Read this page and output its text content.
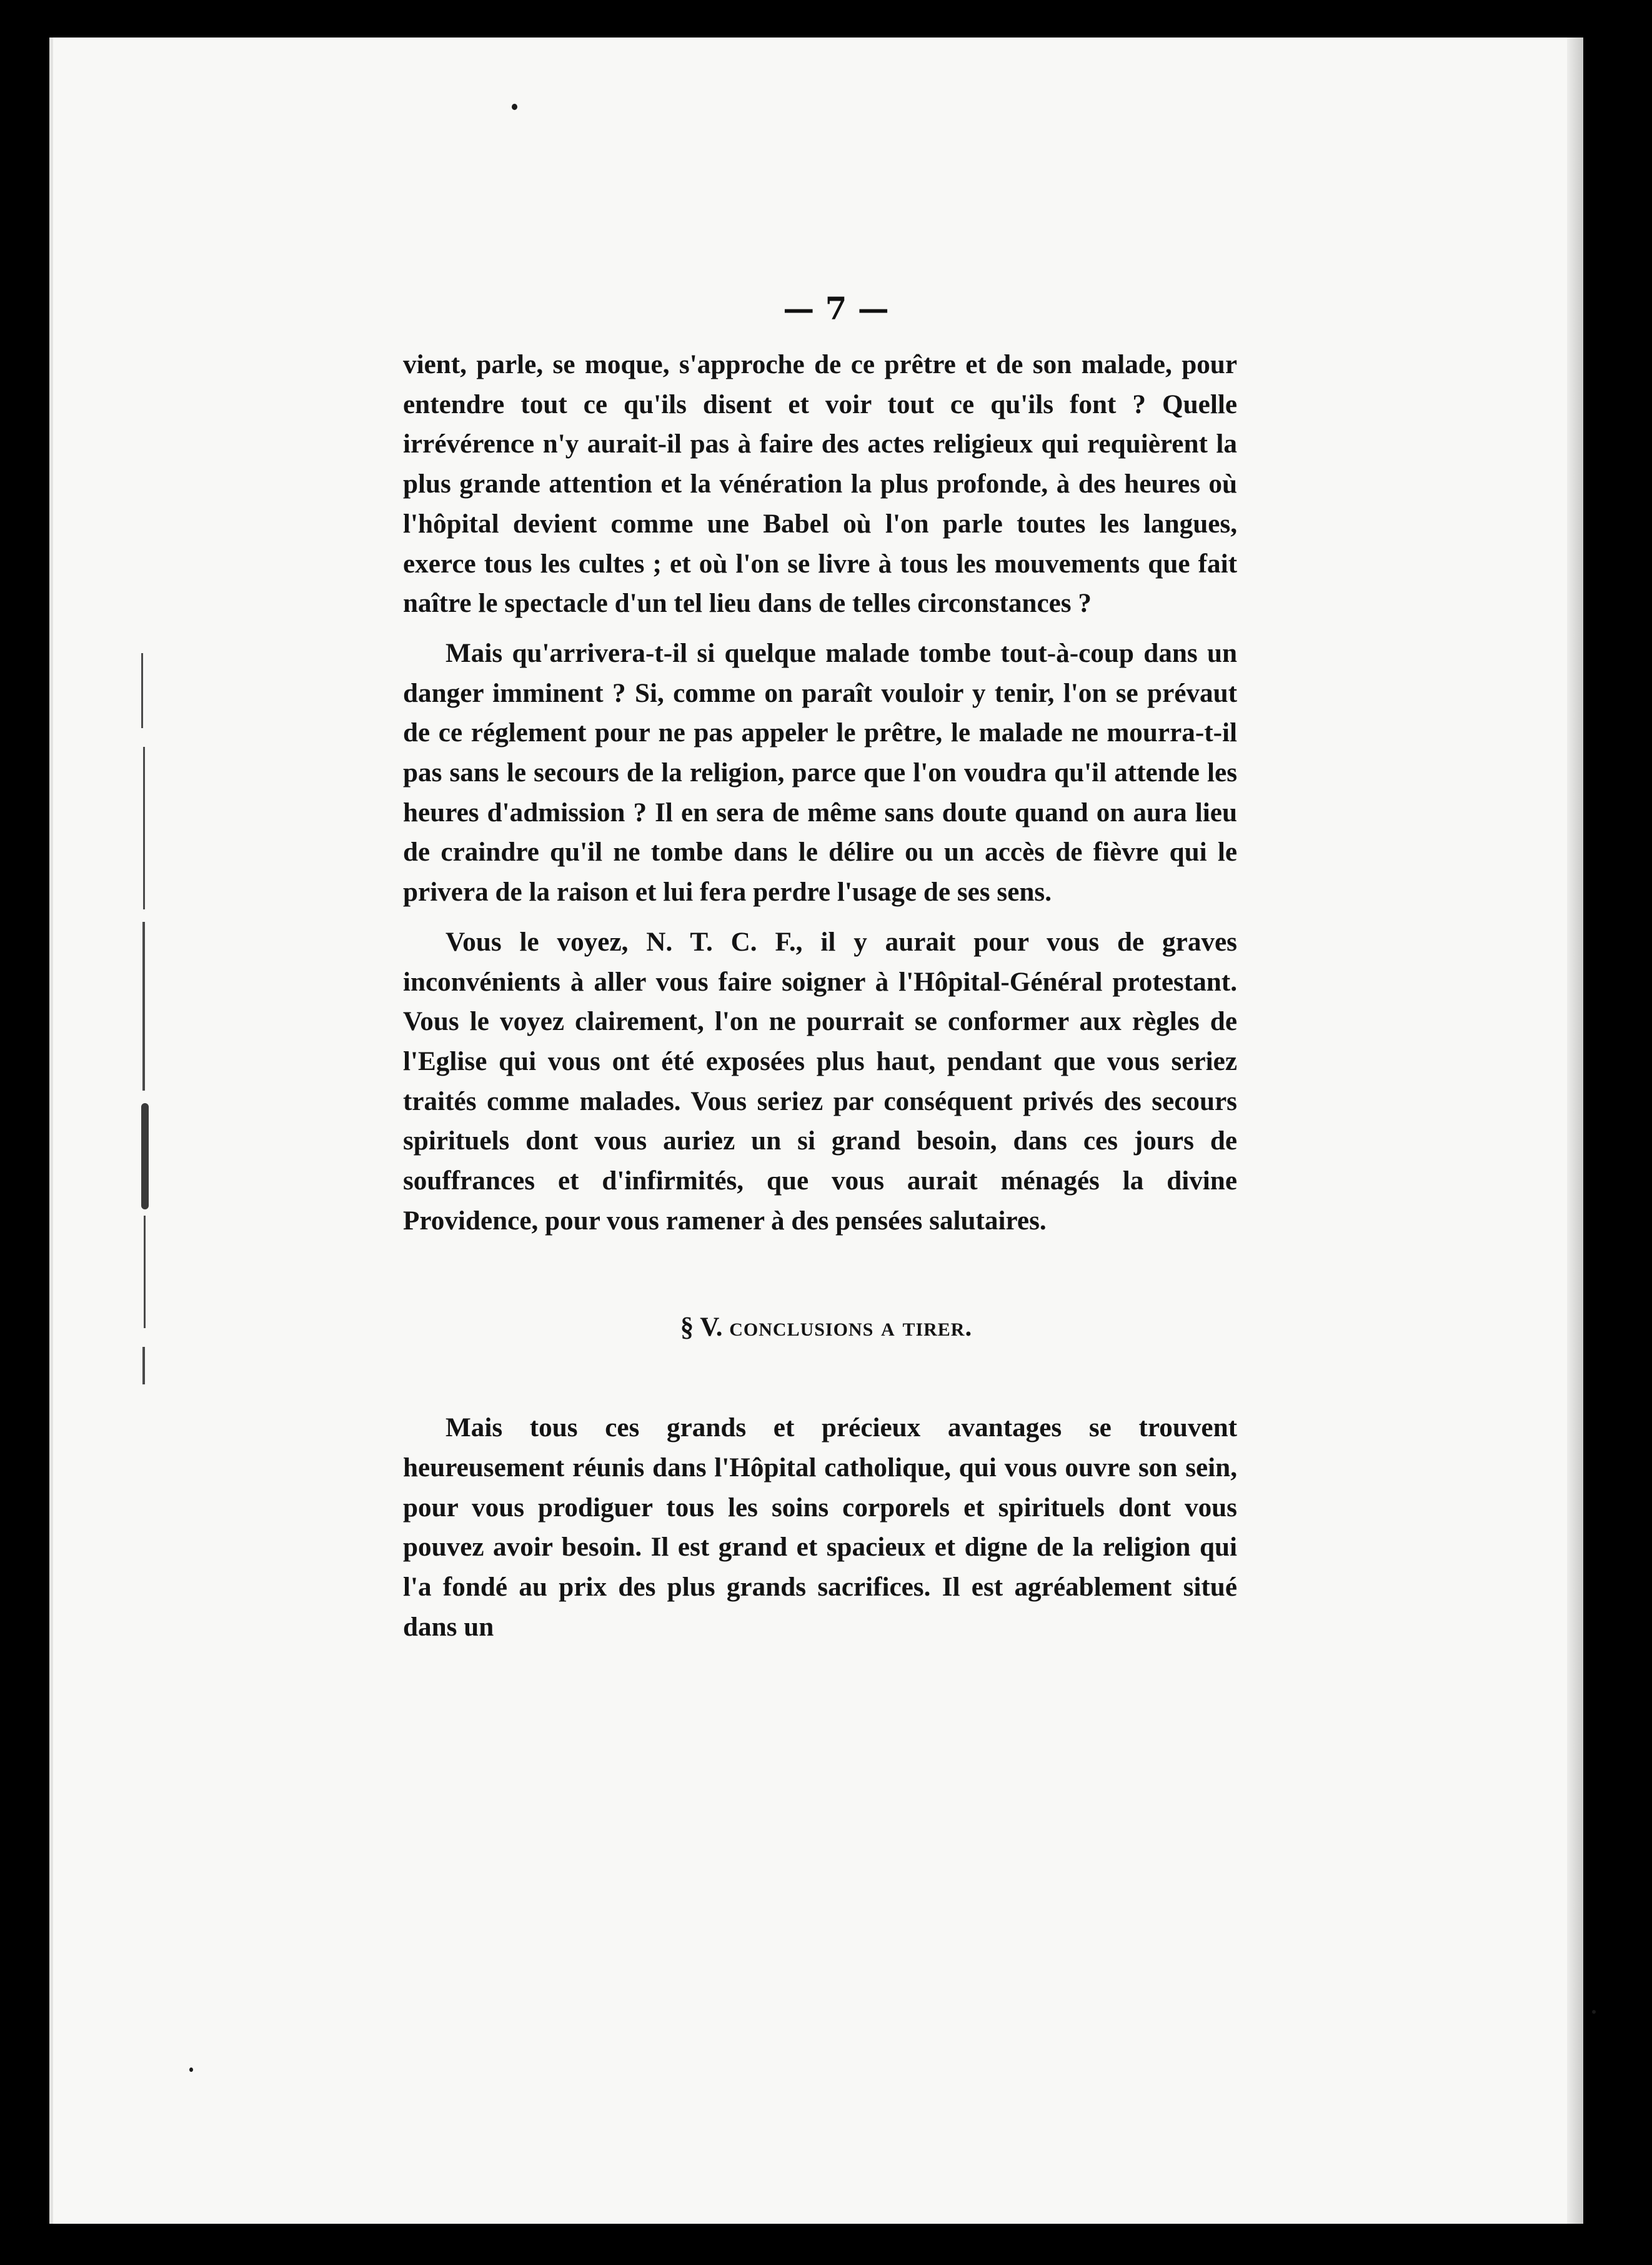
— 7 —

vient, parle, se moque, s'approche de ce prêtre et de son malade, pour entendre tout ce qu'ils disent et voir tout ce qu'ils font ? Quelle irrévérence n'y aurait-il pas à faire des actes religieux qui requièrent la plus grande attention et la vénération la plus profonde, à des heures où l'hôpital devient comme une Babel où l'on parle toutes les langues, exerce tous les cultes ; et où l'on se livre à tous les mouvements que fait naître le spectacle d'un tel lieu dans de telles circonstances ?

Mais qu'arrivera-t-il si quelque malade tombe tout-à-coup dans un danger imminent ? Si, comme on paraît vouloir y tenir, l'on se prévaut de ce réglement pour ne pas appeler le prêtre, le malade ne mourra-t-il pas sans le secours de la religion, parce que l'on voudra qu'il attende les heures d'admission ? Il en sera de même sans doute quand on aura lieu de craindre qu'il ne tombe dans le délire ou un accès de fièvre qui le privera de la raison et lui fera perdre l'usage de ses sens.

Vous le voyez, N. T. C. F., il y aurait pour vous de graves inconvénients à aller vous faire soigner à l'Hôpital-Général protestant. Vous le voyez clairement, l'on ne pourrait se conformer aux règles de l'Eglise qui vous ont été exposées plus haut, pendant que vous seriez traités comme malades. Vous seriez par conséquent privés des secours spirituels dont vous auriez un si grand besoin, dans ces jours de souffrances et d'infirmités, que vous aurait ménagés la divine Providence, pour vous ramener à des pensées salutaires.

§ V. conclusions a tirer.

Mais tous ces grands et précieux avantages se trouvent heureusement réunis dans l'Hôpital catholique, qui vous ouvre son sein, pour vous prodiguer tous les soins corporels et spirituels dont vous pouvez avoir besoin. Il est grand et spacieux et digne de la religion qui l'a fondé au prix des plus grands sacrifices. Il est agréablement situé dans un
